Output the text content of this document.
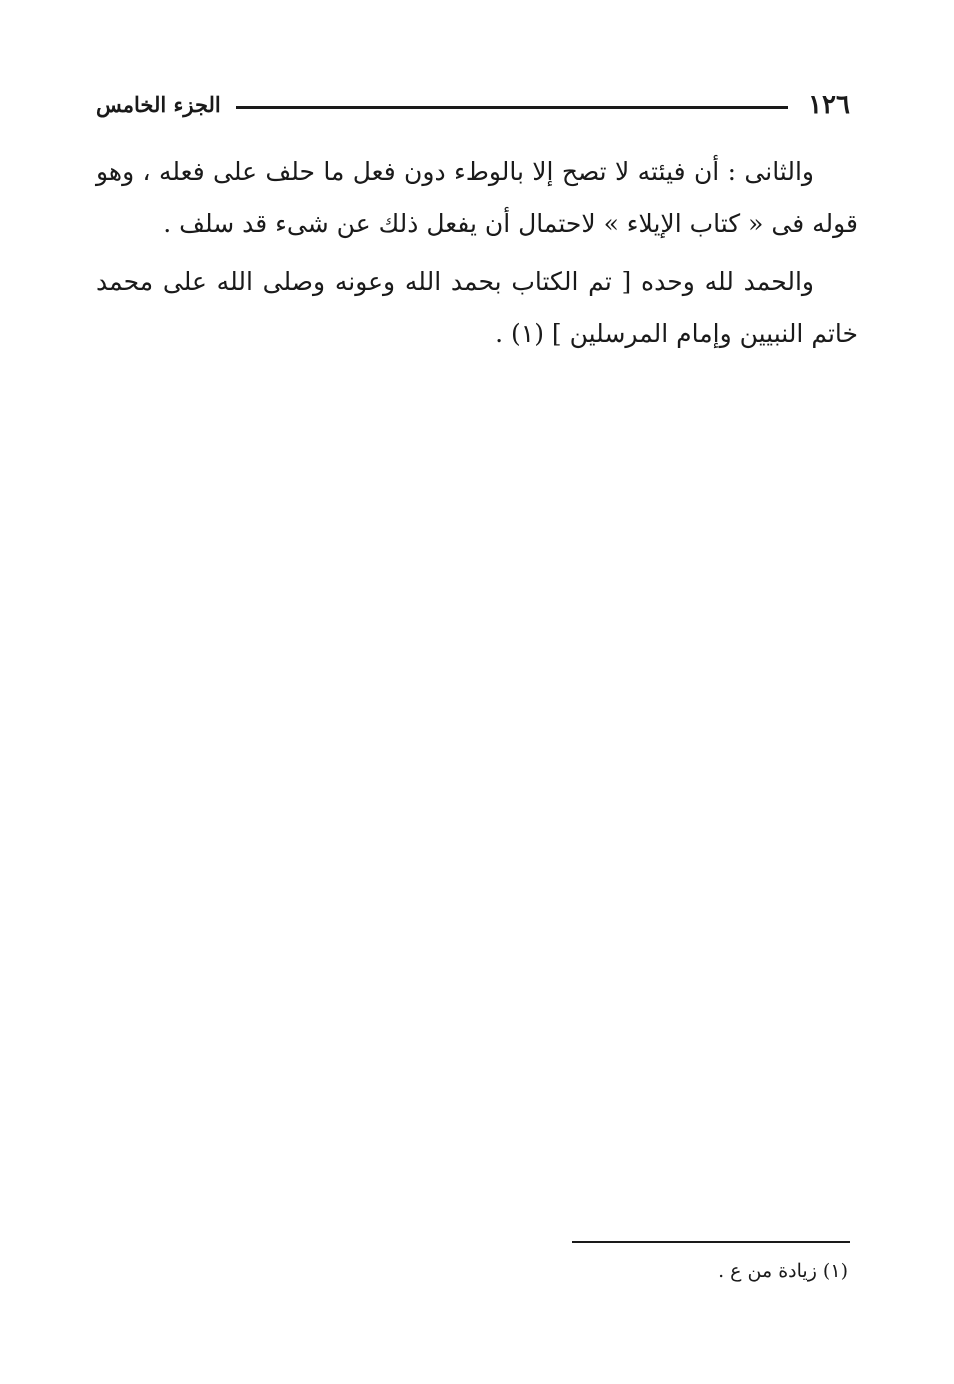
١٢٦
الجزء الخامس

والثانى : أن فيئته لا تصح إلا بالوطء دون فعل ما حلف على فعله ، وهو قوله فى « كتاب الإيلاء » لاحتمال أن يفعل ذلك عن شىء قد سلف .

والحمد لله وحده [ تم الكتاب بحمد الله وعونه وصلى الله على محمد خاتم النبيين وإمام المرسلين ] (١) .

(١) زيادة من ع .
